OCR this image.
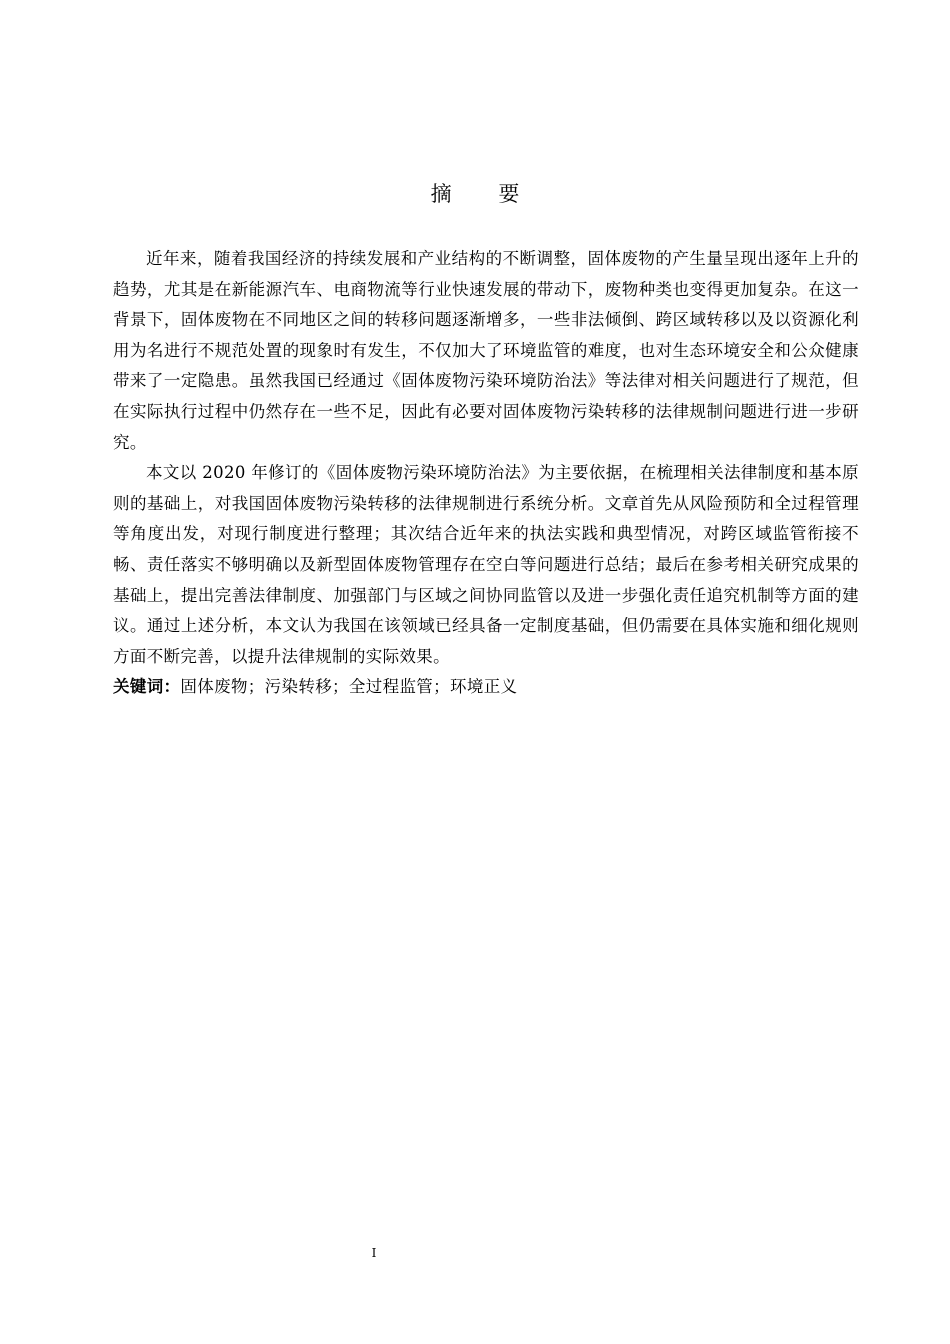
摘 要

近年来，随着我国经济的持续发展和产业结构的不断调整，固体废物的产生量呈现出逐年上升的趋势，尤其是在新能源汽车、电商物流等行业快速发展的带动下，废物种类也变得更加复杂。在这一背景下，固体废物在不同地区之间的转移问题逐渐增多，一些非法倾倒、跨区域转移以及以资源化利用为名进行不规范处置的现象时有发生，不仅加大了环境监管的难度，也对生态环境安全和公众健康带来了一定隐患。虽然我国已经通过《固体废物污染环境防治法》等法律对相关问题进行了规范，但在实际执行过程中仍然存在一些不足，因此有必要对固体废物污染转移的法律规制问题进行进一步研究。

本文以 2020 年修订的《固体废物污染环境防治法》为主要依据，在梳理相关法律制度和基本原则的基础上，对我国固体废物污染转移的法律规制进行系统分析。文章首先从风险预防和全过程管理等角度出发，对现行制度进行整理；其次结合近年来的执法实践和典型情况，对跨区域监管衔接不畅、责任落实不够明确以及新型固体废物管理存在空白等问题进行总结；最后在参考相关研究成果的基础上，提出完善法律制度、加强部门与区域之间协同监管以及进一步强化责任追究机制等方面的建议。通过上述分析，本文认为我国在该领域已经具备一定制度基础，但仍需要在具体实施和细化规则方面不断完善，以提升法律规制的实际效果。

关键词：固体废物；污染转移；全过程监管；环境正义

I
